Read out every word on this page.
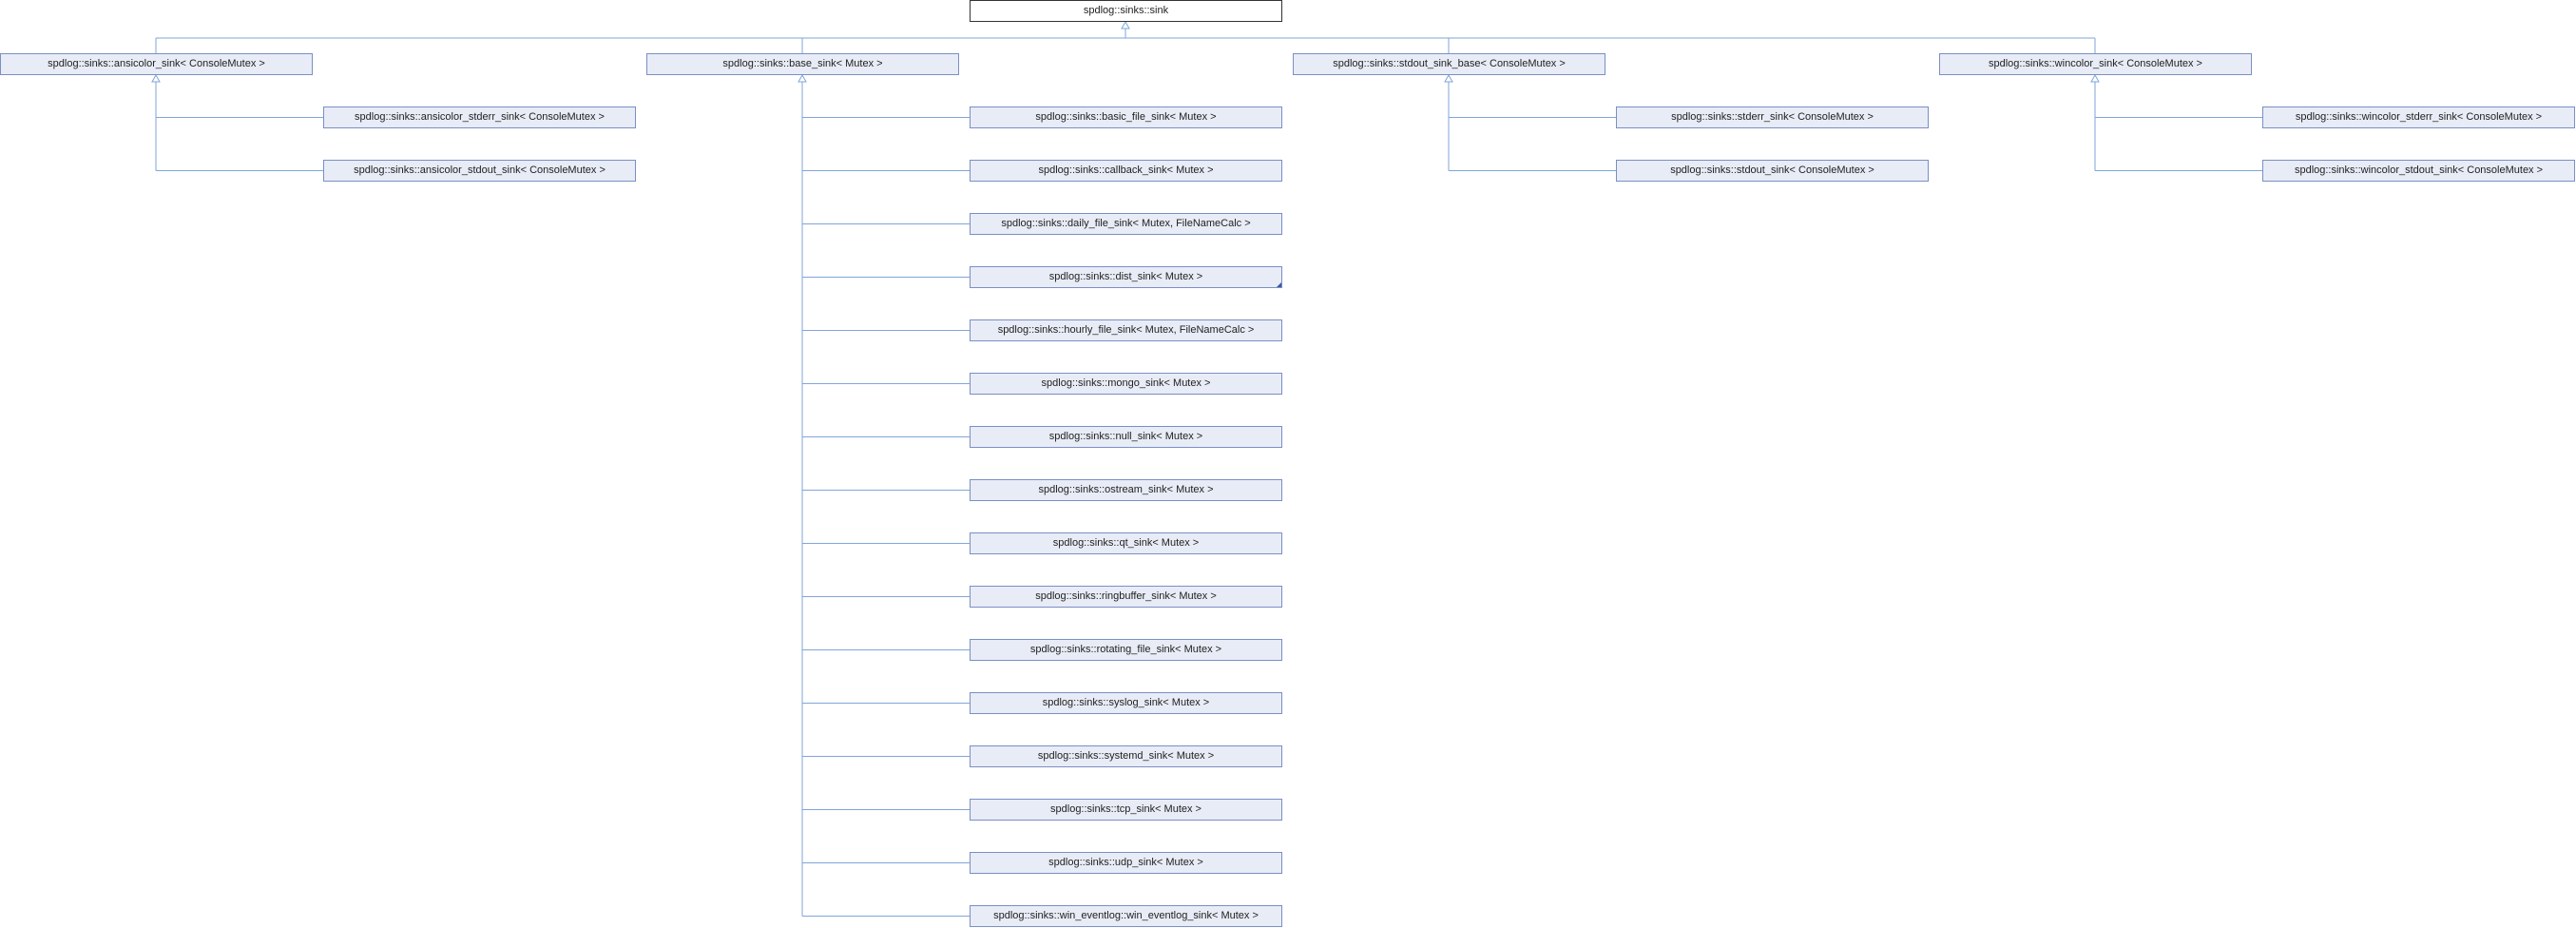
spdlog::sinks::sink
spdlog::sinks::ansicolor_sink< ConsoleMutex >	spdlog::sinks::base_sink< Mutex >	spdlog::sinks::stdout_sink_base< ConsoleMutex >	spdlog::sinks::wincolor_sink< ConsoleMutex >
spdlog::sinks::ansicolor_stderr_sink< ConsoleMutex >
spdlog::sinks::ansicolor_stdout_sink< ConsoleMutex >
spdlog::sinks::basic_file_sink< Mutex >
spdlog::sinks::callback_sink< Mutex >
spdlog::sinks::daily_file_sink< Mutex, FileNameCalc >
spdlog::sinks::dist_sink< Mutex >
spdlog::sinks::hourly_file_sink< Mutex, FileNameCalc >
spdlog::sinks::mongo_sink< Mutex >
spdlog::sinks::null_sink< Mutex >
spdlog::sinks::ostream_sink< Mutex >
spdlog::sinks::qt_sink< Mutex >
spdlog::sinks::ringbuffer_sink< Mutex >
spdlog::sinks::rotating_file_sink< Mutex >
spdlog::sinks::syslog_sink< Mutex >
spdlog::sinks::systemd_sink< Mutex >
spdlog::sinks::tcp_sink< Mutex >
spdlog::sinks::udp_sink< Mutex >
spdlog::sinks::win_eventlog::win_eventlog_sink< Mutex >
spdlog::sinks::stderr_sink< ConsoleMutex >
spdlog::sinks::stdout_sink< ConsoleMutex >
spdlog::sinks::wincolor_stderr_sink< ConsoleMutex >
spdlog::sinks::wincolor_stdout_sink< ConsoleMutex >
